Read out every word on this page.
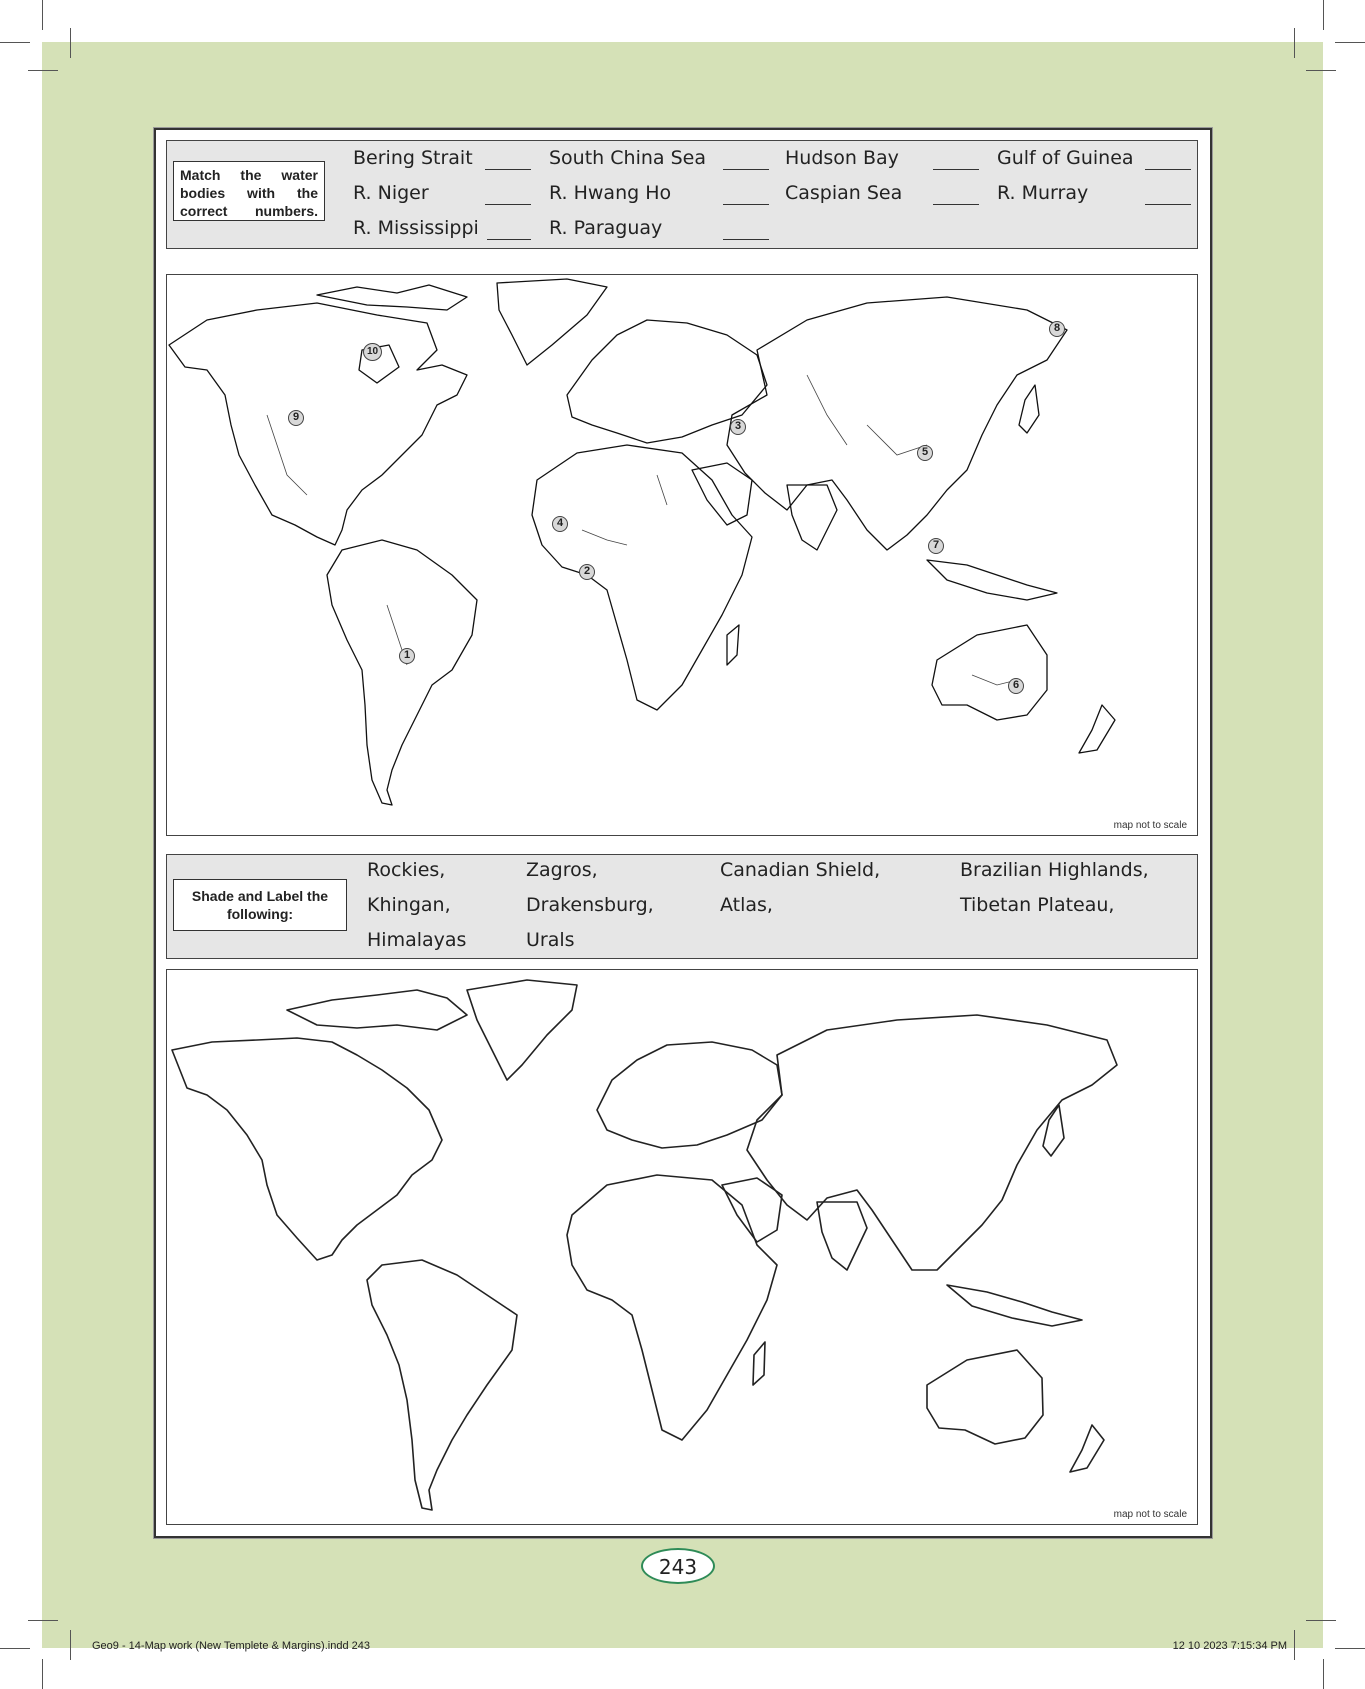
Match the water bodies with the correct numbers.
Bering Strait	South China Sea	Hudson Bay	Gulf of Guinea
R. Niger	R. Hwang Ho	Caspian Sea	R. Murray
R. Mississippi	R. Paraguay
1
2
3
4
5
6
7
8
9
10
map not to scale
Shade and Label the following:
Rockies,	Zagros,	Canadian Shield,	Brazilian Highlands,
Khingan,	Drakensburg,	Atlas,	Tibetan Plateau,
Himalayas	Urals
map not to scale
243
Geo9 - 14-Map work (New Templete & Margins).indd 243	12 10 2023 7:15:34 PM
